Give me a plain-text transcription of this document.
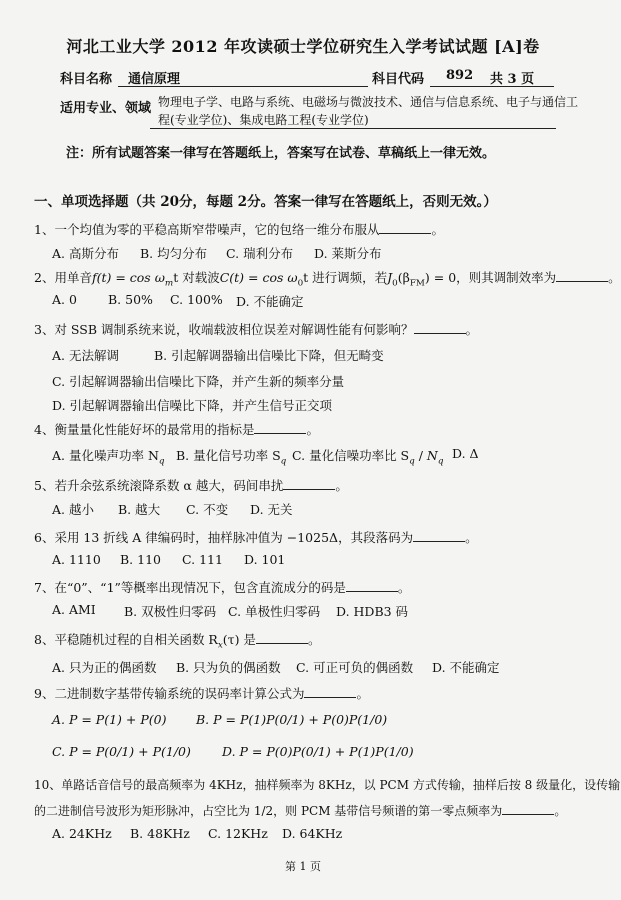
河北工业大学 2012 年攻读硕士学位研究生入学考试试题 [A]卷
科目名称 通信原理	科目代码 892 共 3 页
适用专业、领域 物理电子学、电路与系统、电磁场与微波技术、通信与信息系统、电子与通信工
程(专业学位)、集成电路工程(专业学位)
注：所有试题答案一律写在答题纸上，答案写在试卷、草稿纸上一律无效。
一、单项选择题（共 20分，每题 2分。答案一律写在答题纸上，否则无效。）
1、一个均值为零的平稳高斯窄带噪声，它的包络一维分布服从	。
A. 高斯分布 B. 均匀分布 C. 瑞利分布 D. 莱斯分布
2、用单音$f(t) = \cos \omega_mt$ 对载波$C(t) = \cos \omega_0t$ 进行调频，若$J_0(\beta_{FM}) = 0$，则其调制效率为	。
A. 0 B. 50% C. 100% D. 不能确定
3、对 SSB 调制系统来说，收端载波相位误差对解调性能有何影响？	。
A. 无法解调	B. 引起解调器输出信噪比下降，但无畸变
C. 引起解调器输出信噪比下降，并产生新的频率分量
D. 引起解调器输出信噪比下降，并产生信号正交项
4、衡量量化性能好坏的最常用的指标是	。
A. 量化噪声功率 $N_q$ B. 量化信号功率 $S_q$ C. 量化信噪功率比 $S_q / N_q$
D. Δ
5、若升余弦系统滚降系数 α 越大，码间串扰	。
A. 越小 B. 越大 C. 不变 D. 无关
6、采用 13 折线 A 律编码时，抽样脉冲值为 −1025Δ，其段落码为	。
A. 1110 B. 110 C. 111 D. 101
7、在“0”、“1”等概率出现情况下，包含直流成分的码是	。
A. AMI B. 双极性归零码 C. 单极性归零码 D. HDB3 码
8、平稳随机过程的自相关函数 $R_x(\tau)$ 是	。
A. 只为正的偶函数 B. 只为负的偶函数 C. 可正可负的偶函数 D. 不能确定
9、二进制数字基带传输系统的误码率计算公式为	。
A. P = P(1) + P(0) B. P = P(1)P(0/1) + P(0)P(1/0)
C. P = P(0/1) + P(1/0) D. P = P(0)P(0/1) + P(1)P(1/0)
10、单路话音信号的最高频率为 4KHz，抽样频率为 8KHz，以 PCM 方式传输，抽样后按 8 级量化，设传输
的二进制信号波形为矩形脉冲，占空比为 1/2，则 PCM 基带信号频谱的第一零点频率为	。
A. 24KHz B. 48KHz C. 12KHz D. 64KHz
第 1 页
